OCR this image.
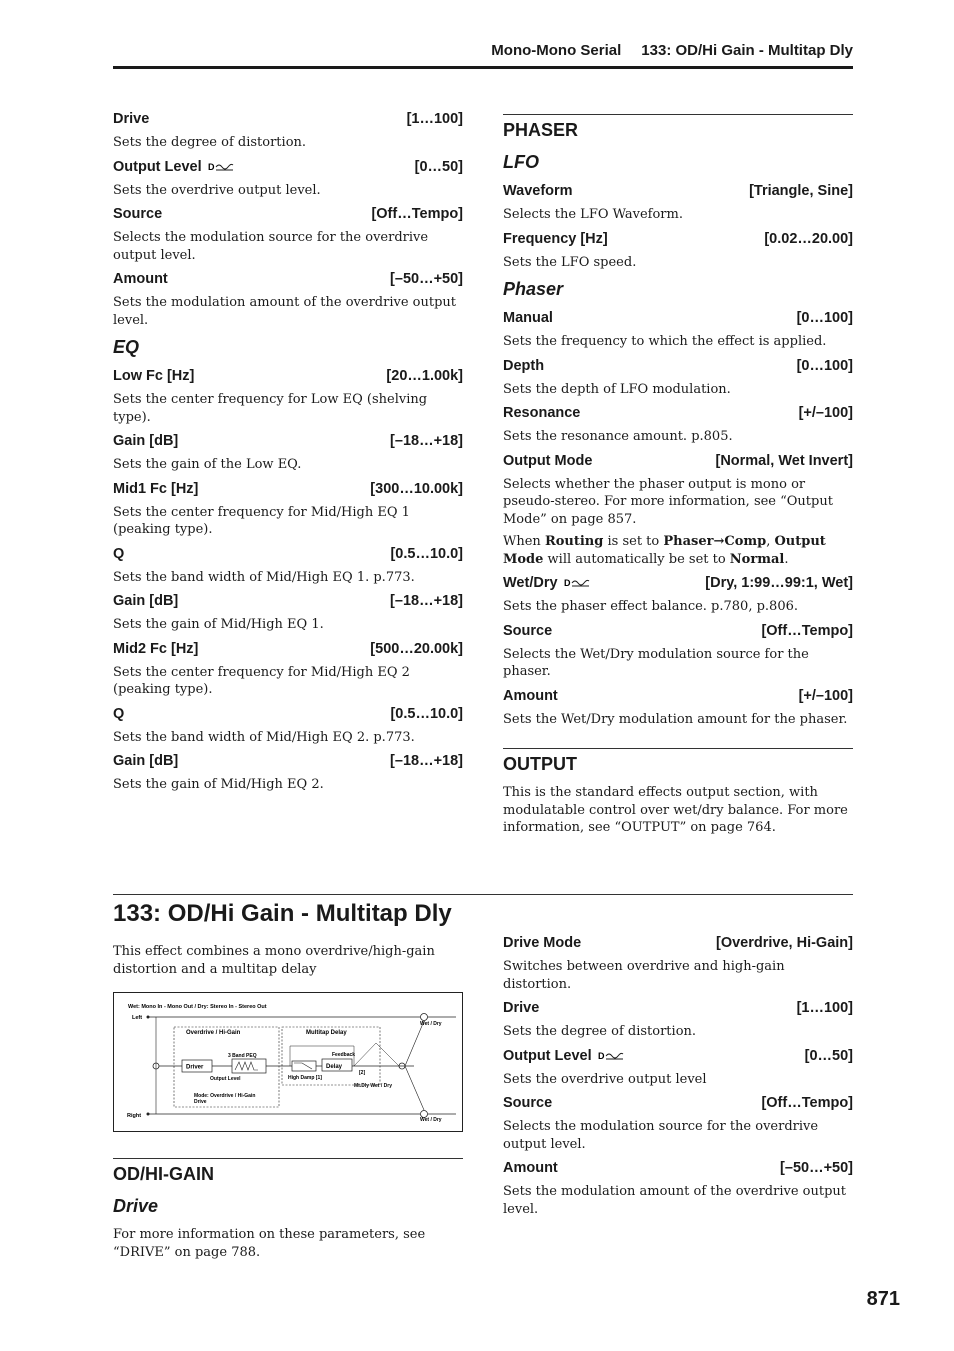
Mono-Mono Serial 133: OD/Hi Gain - Multitap Dly
Drive	[1…100]
Sets the degree of distortion.
Output Level D	[0…50]
Sets the overdrive output level.
Source	[Off…Tempo]
Selects the modulation source for the overdrive output level.
Amount	[–50…+50]
Sets the modulation amount of the overdrive output level.
EQ
Low Fc [Hz]	[20…1.00k]
Sets the center frequency for Low EQ (shelving type).
Gain [dB]	[–18…+18]
Sets the gain of the Low EQ.
Mid1 Fc [Hz]	[300…10.00k]
Sets the center frequency for Mid/High EQ 1 (peaking type).
Q	[0.5…10.0]
Sets the band width of Mid/High EQ 1. p.773.
Gain [dB]	[–18…+18]
Sets the gain of Mid/High EQ 1.
Mid2 Fc [Hz]	[500…20.00k]
Sets the center frequency for Mid/High EQ 2 (peaking type).
Q	[0.5…10.0]
Sets the band width of Mid/High EQ 2. p.773.
Gain [dB]	[–18…+18]
Sets the gain of Mid/High EQ 2.
PHASER
LFO
Waveform	[Triangle, Sine]
Selects the LFO Waveform.
Frequency [Hz]	[0.02…20.00]
Sets the LFO speed.
Phaser
Manual	[0…100]
Sets the frequency to which the effect is applied.
Depth	[0…100]
Sets the depth of LFO modulation.
Resonance	[+/–100]
Sets the resonance amount. p.805.
Output Mode	[Normal, Wet Invert]
Selects whether the phaser output is mono or pseudo-stereo. For more information, see “Output Mode” on page 857.
When Routing is set to Phaser→Comp, Output Mode will automatically be set to Normal.
Wet/Dry D	[Dry, 1:99…99:1, Wet]
Sets the phaser effect balance. p.780, p.806.
Source	[Off…Tempo]
Selects the Wet/Dry modulation source for the phaser.
Amount	[+/–100]
Sets the Wet/Dry modulation amount for the phaser.
OUTPUT
This is the standard effects output section, with modulatable control over wet/dry balance. For more information, see “OUTPUT” on page 764.
133: OD/Hi Gain - Multitap Dly
This effect combines a mono overdrive/high-gain distortion and a multitap delay
Wet: Mono In - Mono Out / Dry: Stereo In - Stereo Out
Left
Right
Overdrive / Hi-Gain	Multitap Delay
Driver
3 Band PEQ
Output Level
Mode: Overdrive / Hi-Gain
Drive
Delay
Feedback
High Damp [1]
[2]
Mt.Dly Wet / Dry
Wet / Dry
Wet / Dry
OD/HI-GAIN
Drive
For more information on these parameters, see “DRIVE” on page 788.
Drive Mode	[Overdrive, Hi-Gain]
Switches between overdrive and high-gain distortion.
Drive	[1…100]
Sets the degree of distortion.
Output Level D	[0…50]
Sets the overdrive output level
Source	[Off…Tempo]
Selects the modulation source for the overdrive output level.
Amount	[–50…+50]
Sets the modulation amount of the overdrive output level.
871
